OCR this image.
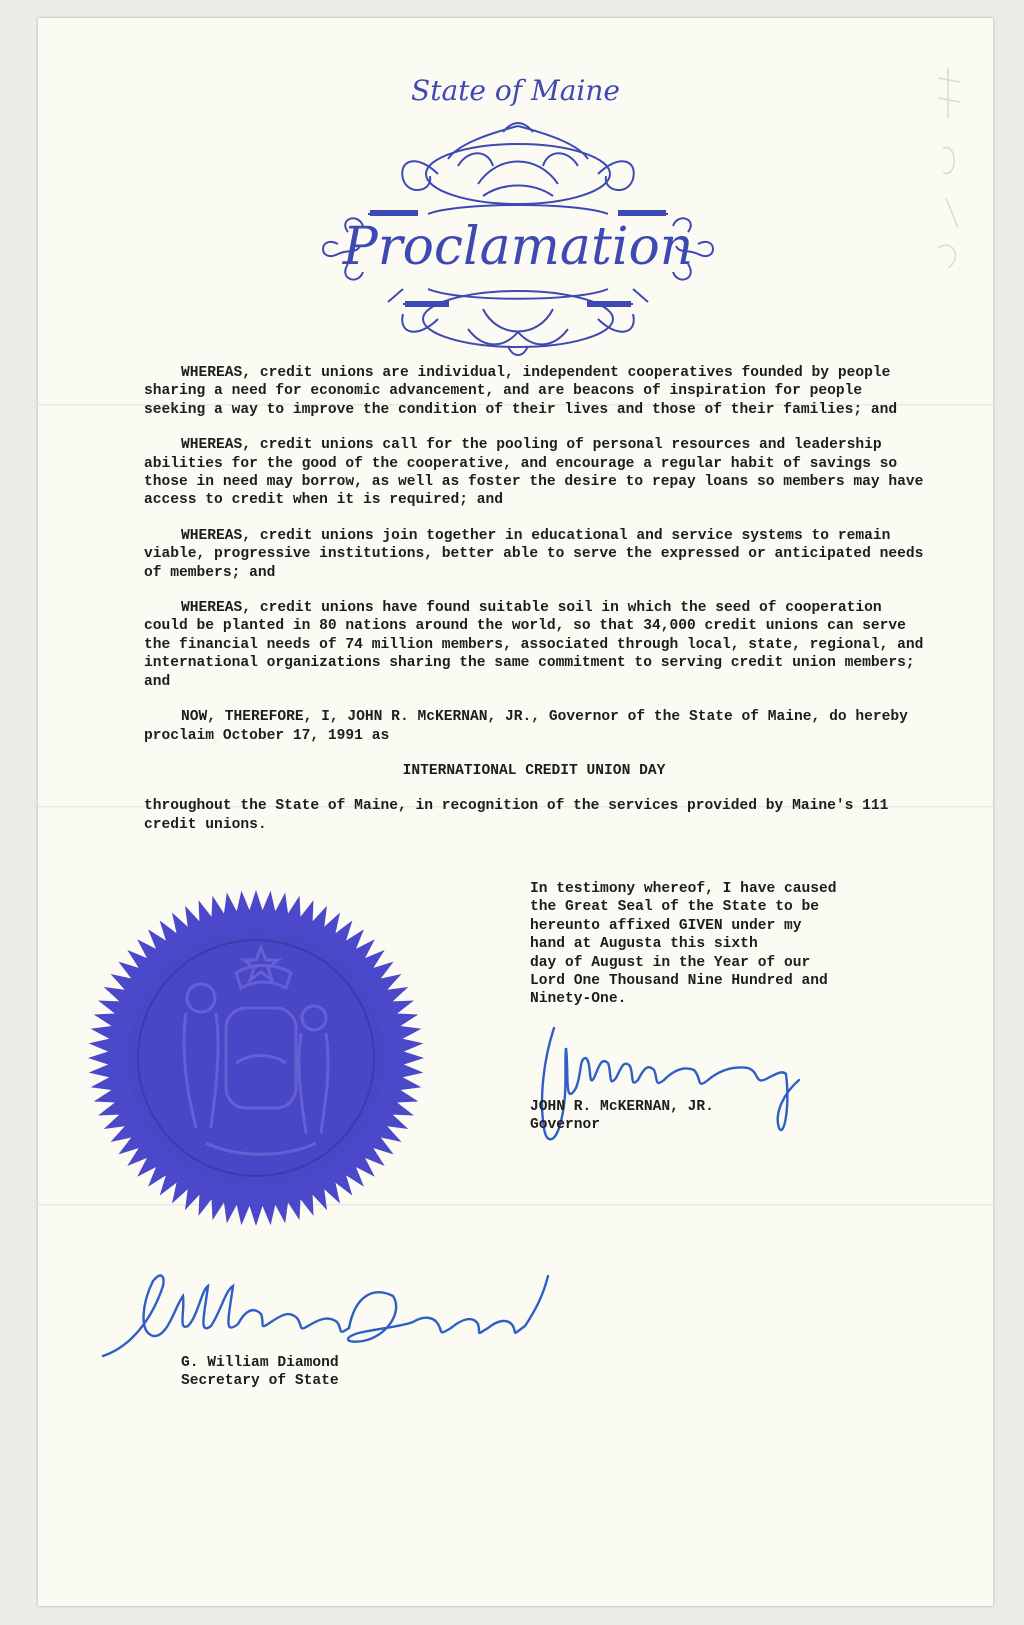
State of Maine
Proclamation

WHEREAS, credit unions are individual, independent cooperatives founded by people sharing a need for economic advancement, and are beacons of inspiration for people seeking a way to improve the condition of their lives and those of their families; and

WHEREAS, credit unions call for the pooling of personal resources and leadership abilities for the good of the cooperative, and encourage a regular habit of savings so those in need may borrow, as well as foster the desire to repay loans so members may have access to credit when it is required; and

WHEREAS, credit unions join together in educational and service systems to remain viable, progressive institutions, better able to serve the expressed or anticipated needs of members; and

WHEREAS, credit unions have found suitable soil in which the seed of cooperation could be planted in 80 nations around the world, so that 34,000 credit unions can serve the financial needs of 74 million members, associated through local, state, regional, and international organizations sharing the same commitment to serving credit union members; and

NOW, THEREFORE, I, JOHN R. McKERNAN, JR., Governor of the State of Maine, do hereby proclaim October 17, 1991 as

INTERNATIONAL CREDIT UNION DAY

throughout the State of Maine, in recognition of the services provided by Maine's 111 credit unions.

In testimony whereof, I have caused
the Great Seal of the State to be
hereunto affixed GIVEN under my
hand at Augusta this sixth
day of August in the Year of our
Lord One Thousand Nine Hundred and
Ninety-One.
JOHN R. McKERNAN, JR.
Governor
G. William Diamond
Secretary of State
